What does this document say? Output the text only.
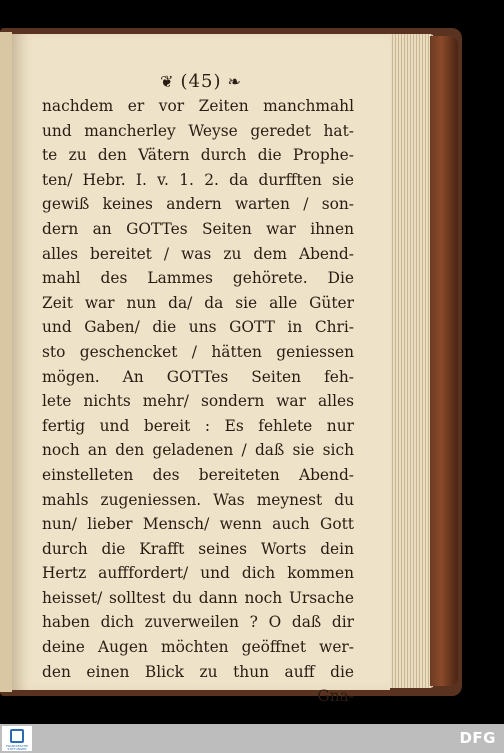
❦ (45) ❧
nachdem er vor Zeiten manchmahl
und mancherley Weyse geredet hat-
te zu den Vätern durch die Prophe-
ten/ Hebr. I. v. 1. 2. da durfften sie
gewiß keines andern warten / son-
dern an GOTTes Seiten war ihnen
alles bereitet / was zu dem Abend-
mahl des Lammes gehörete. Die
Zeit war nun da/ da sie alle Güter
und Gaben/ die uns GOTT in Chri-
sto geschencket / hätten geniessen
mögen. An GOTTes Seiten feh-
lete nichts mehr/ sondern war alles
fertig und bereit : Es fehlete nur
noch an den geladenen / daß sie sich
einstelleten des bereiteten Abend-
mahls zugeniessen. Was meynest du
nun/ lieber Mensch/ wenn auch Gott
durch die Krafft seines Worts dein
Hertz aufffordert/ und dich kommen
heisset/ solltest du dann noch Ursache
haben dich zuverweilen ? O daß dir
deine Augen möchten geöffnet wer-
den einen Blick zu thun auff die
Gna-
FRANCKESCHE STIFTUNGEN
DFG
